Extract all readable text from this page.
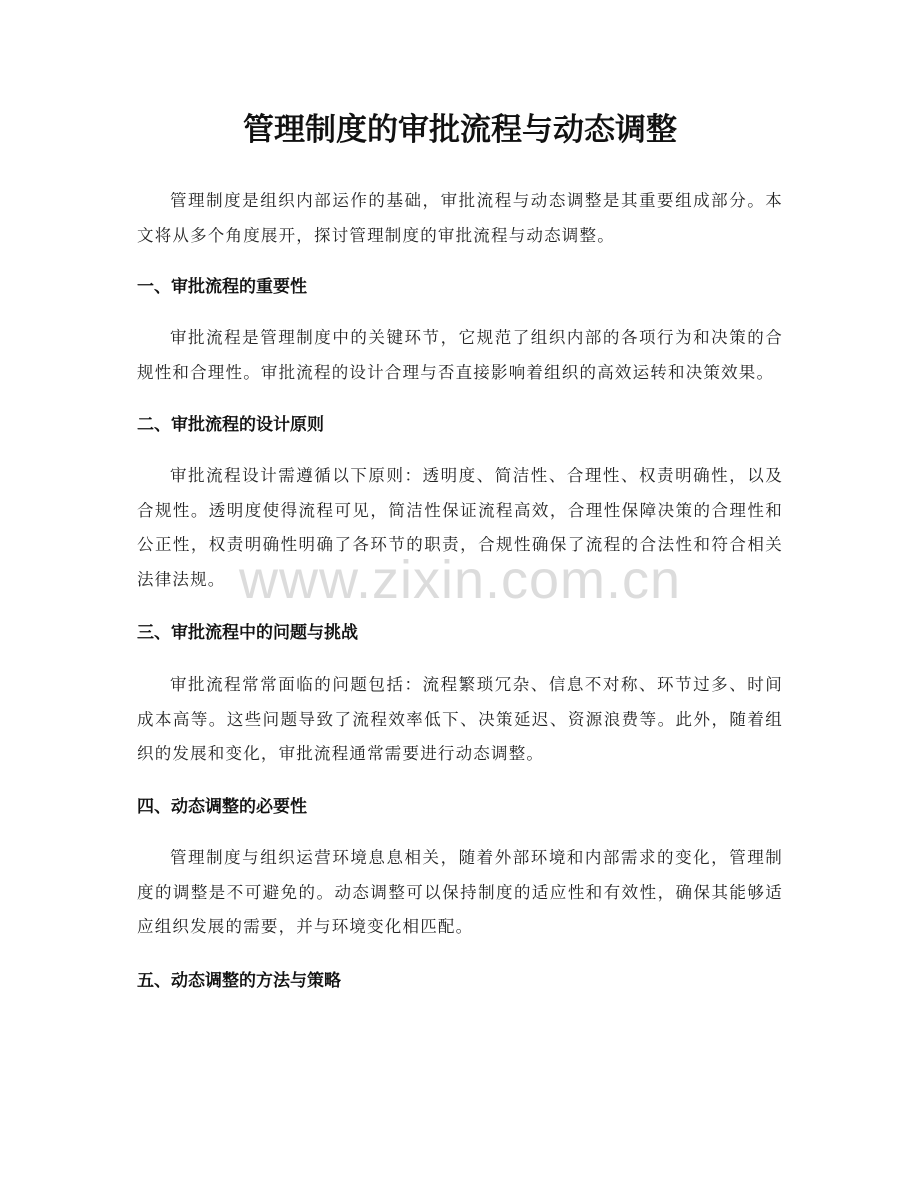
管理制度的审批流程与动态调整

管理制度是组织内部运作的基础，审批流程与动态调整是其重要组成部分。本文将从多个角度展开，探讨管理制度的审批流程与动态调整。

一、审批流程的重要性

审批流程是管理制度中的关键环节，它规范了组织内部的各项行为和决策的合规性和合理性。审批流程的设计合理与否直接影响着组织的高效运转和决策效果。

二、审批流程的设计原则

审批流程设计需遵循以下原则：透明度、简洁性、合理性、权责明确性，以及合规性。透明度使得流程可见，简洁性保证流程高效，合理性保障决策的合理性和公正性，权责明确性明确了各环节的职责，合规性确保了流程的合法性和符合相关法律法规。

三、审批流程中的问题与挑战

审批流程常常面临的问题包括：流程繁琐冗杂、信息不对称、环节过多、时间成本高等。这些问题导致了流程效率低下、决策延迟、资源浪费等。此外，随着组织的发展和变化，审批流程通常需要进行动态调整。

四、动态调整的必要性

管理制度与组织运营环境息息相关，随着外部环境和内部需求的变化，管理制度的调整是不可避免的。动态调整可以保持制度的适应性和有效性，确保其能够适应组织发展的需要，并与环境变化相匹配。

五、动态调整的方法与策略
www.zixin.com.cn
